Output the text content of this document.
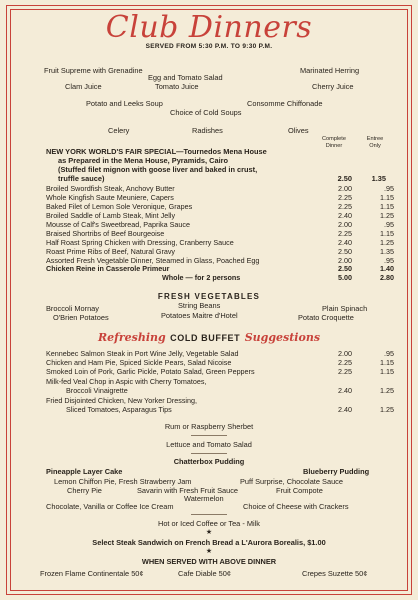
Club Dinners
SERVED FROM 5:30 P.M. TO 9:30 P.M.
Fruit Supreme with Grenadine
Egg and Tomato Salad
Marinated Herring
Clam Juice	Tomato Juice	Cherry Juice
Potato and Leeks Soup	Consomme Chiffonade
Choice of Cold Soups
Celery	Radishes	Olives
Complete
Dinner
Entree
Only
NEW YORK WORLD'S FAIR SPECIAL—Tournedos Mena House
as Prepared in the Mena House, Pyramids, Cairo
(Stuffed filet mignon with goose liver and baked in crust,
truffle sauce)	2.50	1.35
Broiled Swordfish Steak, Anchovy Butter	2.00	.95
Whole Kingfish Saute Meuniere, Capers	2.25	1.15
Baked Filet of Lemon Sole Veronique, Grapes	2.25	1.15
Broiled Saddle of Lamb Steak, Mint Jelly	2.40	1.25
Mousse of Calf's Sweetbread, Paprika Sauce	2.00	.95
Braised Shortribs of Beef Bourgeoise	2.25	1.15
Half Roast Spring Chicken with Dressing, Cranberry Sauce	2.40	1.25
Roast Prime Ribs of Beef, Natural Gravy	2.50	1.35
Assorted Fresh Vegetable Dinner, Steamed in Glass, Poached Egg	2.00	.95
Chicken Reine in Casserole Primeur	2.50	1.40
Whole — for 2 persons	5.00	2.80
FRESH VEGETABLES
Broccoli Mornay	String Beans	Plain Spinach
O'Brien Potatoes	Potatoes Maitre d'Hotel	Potato Croquette
Refreshing COLD BUFFET Suggestions
Kennebec Salmon Steak in Port Wine Jelly, Vegetable Salad	2.00	.95
Chicken and Ham Pie, Spiced Sickle Pears, Salad Nicoise	2.25	1.15
Smoked Loin of Pork, Garlic Pickle, Potato Salad, Green Peppers	2.25	1.15
Milk-fed Veal Chop in Aspic with Cherry Tomatoes,
Broccoli Vinaigrette	2.40	1.25
Fried Disjointed Chicken, New Yorker Dressing,
Sliced Tomatoes, Asparagus Tips	2.40	1.25
Rum or Raspberry Sherbet
Lettuce and Tomato Salad
Chatterbox Pudding
Pineapple Layer Cake	Blueberry Pudding
Lemon Chiffon Pie, Fresh Strawberry Jam	Puff Surprise, Chocolate Sauce
Cherry Pie	Savarin with Fresh Fruit Sauce	Fruit Compote
Watermelon
Chocolate, Vanilla or Coffee Ice Cream	Choice of Cheese with Crackers
Hot or Iced Coffee or Tea - Milk
★
Select Steak Sandwich on French Bread a L'Aurora Borealis, $1.00
★
WHEN SERVED WITH ABOVE DINNER
Frozen Flame Continentale 50¢	Cafe Diable 50¢	Crepes Suzette 50¢
